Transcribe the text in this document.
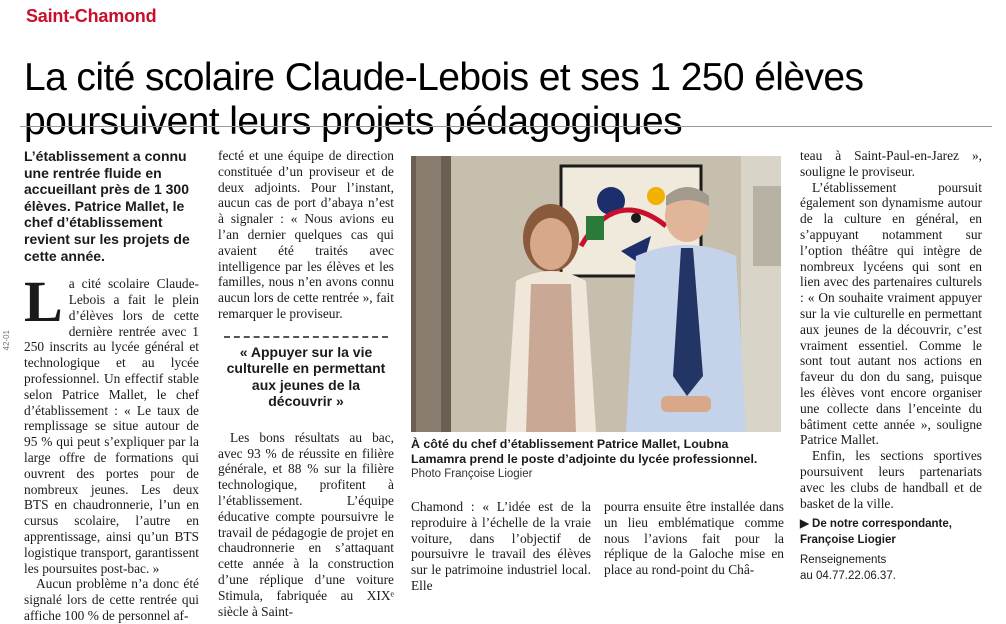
Saint-Chamond
La cité scolaire Claude-Lebois et ses 1 250 élèves poursuivent leurs projets pédagogiques
42-01

L’établissement a connu une rentrée fluide en accueillant près de 1 300 élèves. Patrice Mallet, le chef d’établissement revient sur les projets de cette année.

La cité scolaire Claude-Lebois a fait le plein d’élèves lors de cette dernière rentrée avec 1 250 inscrits au lycée général et technologique et au lycée professionnel. Un effectif stable selon Patrice Mallet, le chef d’établissement : « Le taux de remplissage se situe autour de 95 % qui peut s’expliquer par la large offre de formations qui ouvrent des portes pour de nombreux jeunes. Les deux BTS en chaudronnerie, l’un en cursus scolaire, l’autre en apprentissage, ainsi qu’un BTS logistique transport, garantissent les poursuites post-bac. »

Aucun problème n’a donc été signalé lors de cette rentrée qui affiche 100 % de personnel af-

fecté et une équipe de direction constituée d’un proviseur et de deux adjoints. Pour l’instant, aucun cas de port d’abaya n’est à signaler : « Nous avions eu l’an dernier quelques cas qui avaient été traités avec intelligence par les élèves et les familles, nous n’en avons connu aucun lors de cette rentrée », fait remarquer le proviseur.

« Appuyer sur la vie culturelle en permettant aux jeunes de la découvrir »

Les bons résultats au bac, avec 93 % de réussite en filière générale, et 88 % sur la filière technologique, profitent à l’établissement. L’équipe éducative compte poursuivre le travail de pédagogie de projet en chaudronnerie en s’attaquant cette année à la construction d’une réplique d’une voiture Stimula, fabriquée au XIXᵉ siècle à Saint-

À côté du chef d’établissement Patrice Mallet, Loubna Lamamra prend le poste d’adjointe du lycée professionnel.
Photo Françoise Liogier

Chamond : « L’idée est de la reproduire à l’échelle de la vraie voiture, dans l’objectif de poursuivre le travail des élèves sur le patrimoine industriel local. Elle

pourra ensuite être installée dans un lieu emblématique comme nous l’avions fait pour la réplique de la Galoche mise en place au rond-point du Châ-

teau à Saint-Paul-en-Jarez », souligne le proviseur.

L’établissement poursuit également son dynamisme autour de la culture en général, en s’appuyant notamment sur l’option théâtre qui intègre de nombreux lycéens qui sont en lien avec des partenaires culturels : « On souhaite vraiment appuyer sur la vie culturelle en permettant aux jeunes de la découvrir, c’est vraiment essentiel. Comme le sont tout autant nos actions en faveur du don du sang, puisque les élèves vont encore organiser une collecte dans l’enceinte du bâtiment cette année », souligne Patrice Mallet.

Enfin, les sections sportives poursuivent leurs partenariats avec les clubs de handball et de basket de la ville.

▶ De notre correspondante,

Françoise Liogier

Renseignements

au 04.77.22.06.37.
